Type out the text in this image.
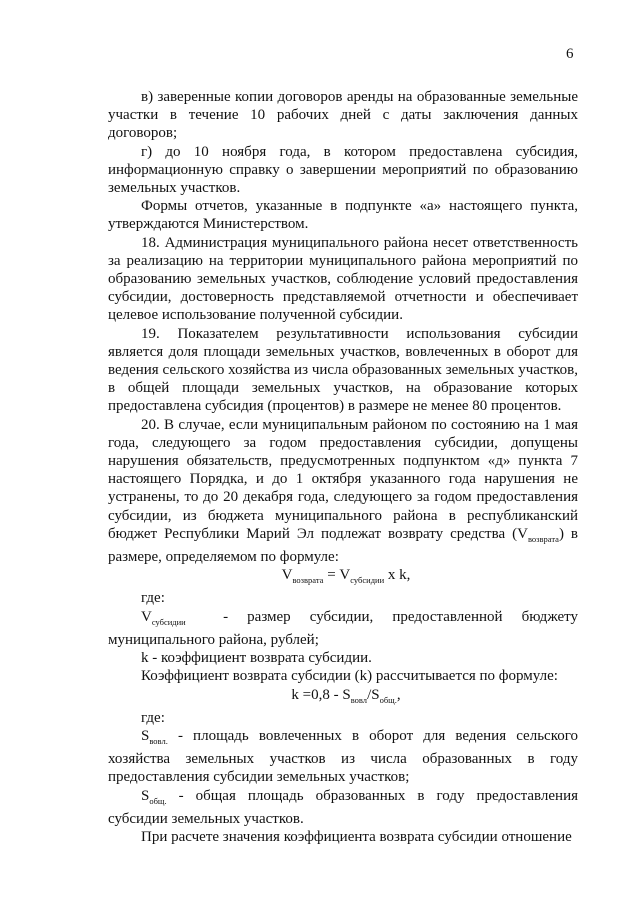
6

в) заверенные копии договоров аренды на образованные земельные участки в течение 10 рабочих дней с даты заключения данных договоров;

г) до 10 ноября года, в котором предоставлена субсидия, информационную справку о завершении мероприятий по образованию земельных участков.

Формы отчетов, указанные в подпункте «а» настоящего пункта, утверждаются Министерством.

18. Администрация муниципального района несет ответственность за реализацию на территории муниципального района мероприятий по образованию земельных участков, соблюдение условий предоставления субсидии, достоверность представляемой отчетности и обеспечивает целевое использование полученной субсидии.

19. Показателем результативности использования субсидии является доля площади земельных участков, вовлеченных в оборот для ведения сельского хозяйства из числа образованных земельных участков, в общей площади земельных участков, на образование которых предоставлена субсидия (процентов) в размере не менее 80 процентов.

20. В случае, если муниципальным районом по состоянию на 1 мая года, следующего за годом предоставления субсидии, допущены нарушения обязательств, предусмотренных подпунктом «д» пункта 7 настоящего Порядка, и до 1 октября указанного года нарушения не устранены, то до 20 декабря года, следующего за годом предоставления субсидии, из бюджета муниципального района в республиканский бюджет Республики Марий Эл подлежат возврату средства $(V_{возврата})$ в размере, определяемом по формуле:

$V_{возврата} = V_{субсидии}$ x k,

где:

$V_{субсидии}$ - размер субсидии, предоставленной бюджету муниципального района, рублей;

k - коэффициент возврата субсидии.

Коэффициент возврата субсидии (k) рассчитывается по формуле:

$k =0,8 - S_{вовл}/S_{общ.}$,

где:

$S_{вовл.}$ - площадь вовлеченных в оборот для ведения сельского хозяйства земельных участков из числа образованных в году предоставления субсидии земельных участков;

$S_{общ.}$ - общая площадь образованных в году предоставления субсидии земельных участков.

При расчете значения коэффициента возврата субсидии отношение
